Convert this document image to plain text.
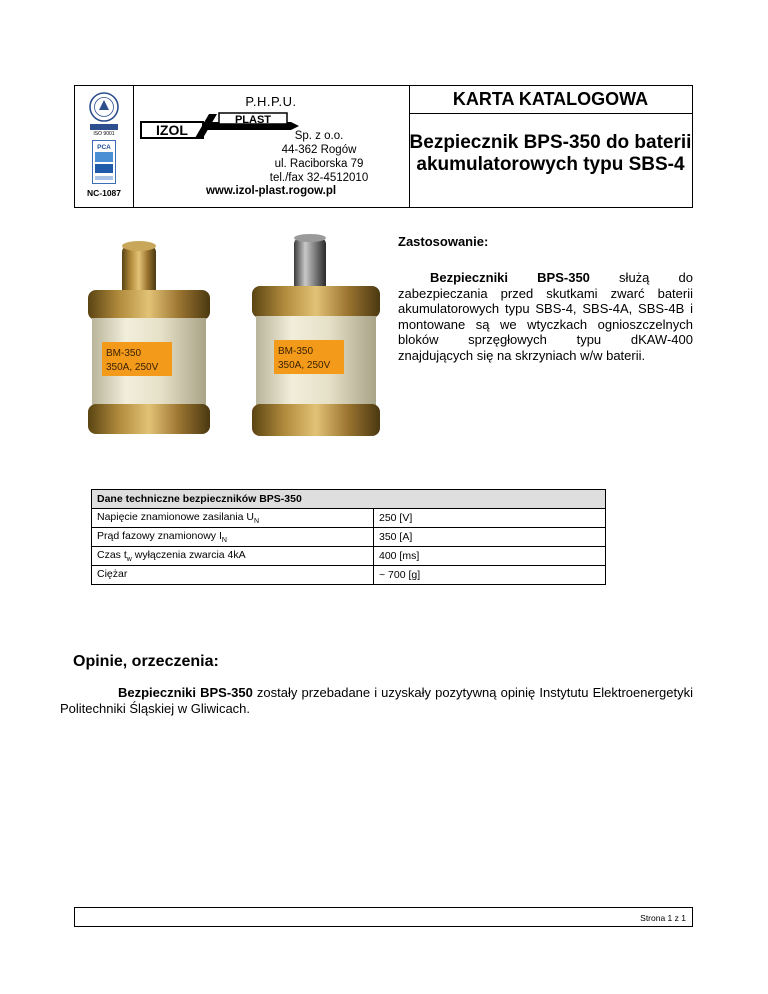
ISO 9001
PCA
NC-1087
P.H.P.U.
IZOL
PLAST
Sp. z o.o.
44-362 Rogów
ul. Raciborska 79
tel./fax 32-4512010
www.izol-plast.rogow.pl
KARTA KATALOGOWA
Bezpiecznik BPS-350 do baterii
akumulatorowych typu SBS-4
BM-350
350A, 250V
BM-350
350A, 250V
Zastosowanie:

Bezpieczniki BPS-350 służą do zabezpieczania przed skutkami zwarć baterii akumulatorowych typu SBS-4, SBS-4A, SBS-4B i montowane są we wtyczkach ognioszczelnych bloków sprzęgłowych typu dKAW-400 znajdujących się na skrzyniach w/w baterii.

Dane techniczne bezpieczników BPS-350	
Napięcie znamionowe zasilania $U_N$	250 [V]
Prąd fazowy znamionowy $I_N$	350 [A]
Czas $t_w$ wyłączenia zwarcia 4kA	400 [ms]
Ciężar	~ 700 [g]
Opinie, orzeczenia:

Bezpieczniki BPS-350 zostały przebadane i uzyskały pozytywną opinię Instytutu Elektroenergetyki Politechniki Śląskiej w Gliwicach.

Strona 1 z 1
